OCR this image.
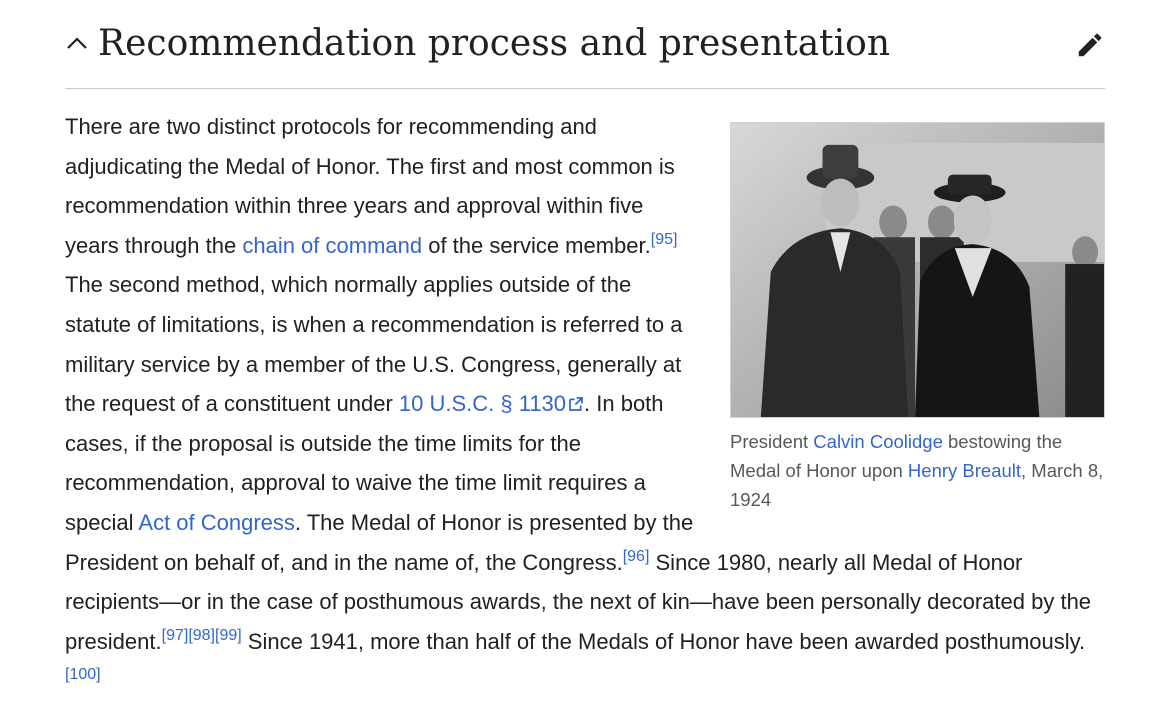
Recommendation process and presentation
President Calvin Coolidge bestowing the Medal of Honor upon Henry Breault, March 8, 1924

There are two distinct protocols for recommending and adjudicating the Medal of Honor. The first and most common is recommendation within three years and approval within five years through the chain of command of the service member.[95] The second method, which normally applies outside of the statute of limitations, is when a recommendation is referred to a military service by a member of the U.S. Congress, generally at the request of a constituent under 10 U.S.C. § 1130 . In both cases, if the proposal is outside the time limits for the recommendation, approval to waive the time limit requires a special Act of Congress. The Medal of Honor is presented by the President on behalf of, and in the name of, the Congress.[96] Since 1980, nearly all Medal of Honor recipients—or in the case of posthumous awards, the next of kin—have been personally decorated by the president.[97][98][99] Since 1941, more than half of the Medals of Honor have been awarded posthumously.[100]
